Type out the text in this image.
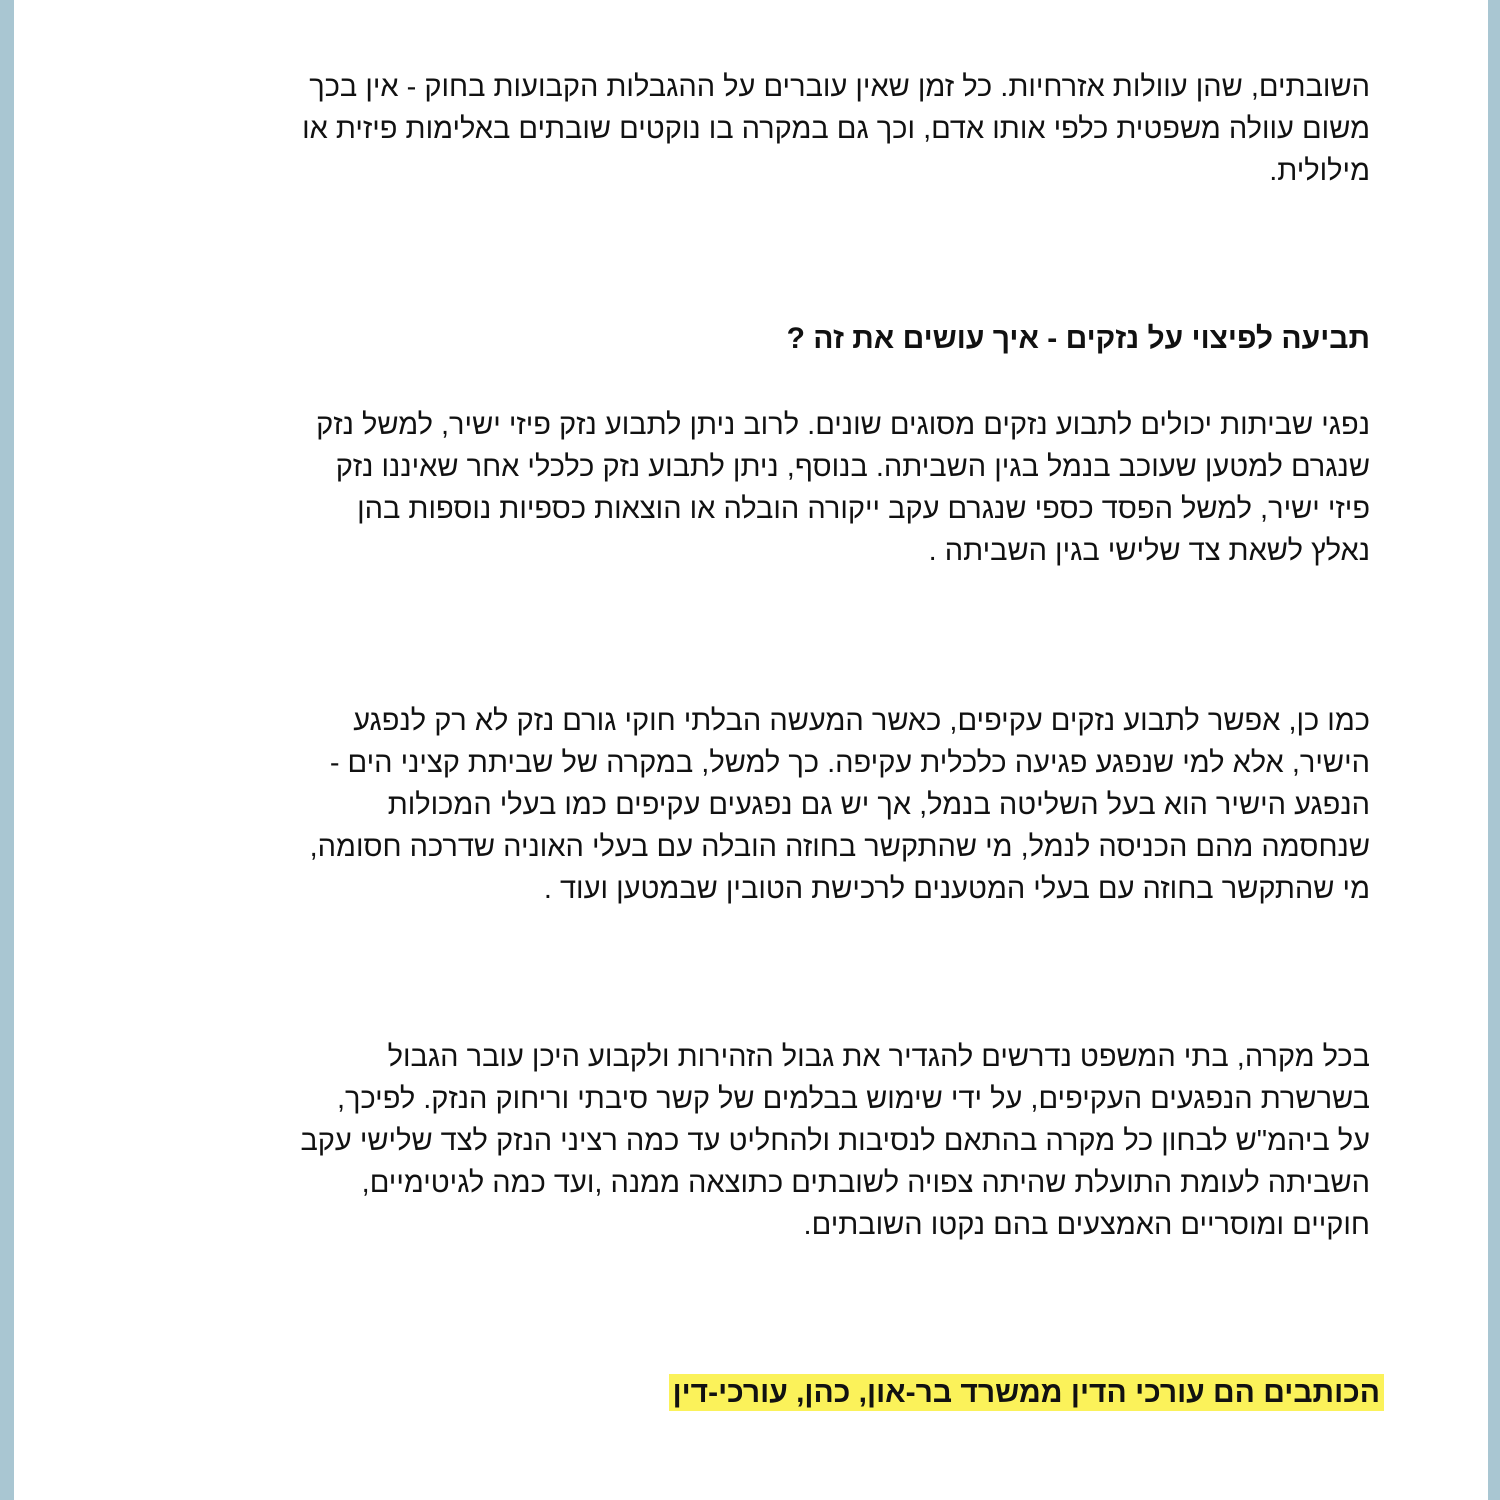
השובתים, שהן עוולות אזרחיות. כל זמן שאין עוברים על ההגבלות הקבועות בחוק - אין בכך
משום עוולה משפטית כלפי אותו אדם, וכך גם במקרה בו נוקטים שובתים באלימות פיזית או
מילולית.

תביעה לפיצוי על נזקים - איך עושים את זה ?

נפגי שביתות יכולים לתבוע נזקים מסוגים שונים. לרוב ניתן לתבוע נזק פיזי ישיר, למשל נזק
שנגרם למטען שעוכב בנמל בגין השביתה. בנוסף, ניתן לתבוע נזק כלכלי אחר שאיננו נזק
פיזי ישיר, למשל הפסד כספי שנגרם עקב ייקורה הובלה או הוצאות כספיות נוספות בהן
נאלץ לשאת צד שלישי בגין השביתה .

כמו כן, אפשר לתבוע נזקים עקיפים, כאשר המעשה הבלתי חוקי גורם נזק לא רק לנפגע
הישיר, אלא למי שנפגע פגיעה כלכלית עקיפה. כך למשל, במקרה של שביתת קציני הים -
הנפגע הישיר הוא בעל השליטה בנמל, אך יש גם נפגעים עקיפים כמו בעלי המכולות
שנחסמה מהם הכניסה לנמל, מי שהתקשר בחוזה הובלה עם בעלי האוניה שדרכה חסומה,
מי שהתקשר בחוזה עם בעלי המטענים לרכישת הטובין שבמטען ועוד .

בכל מקרה, בתי המשפט נדרשים להגדיר את גבול הזהירות ולקבוע היכן עובר הגבול
בשרשרת הנפגעים העקיפים, על ידי שימוש בבלמים של קשר סיבתי וריחוק הנזק. לפיכך,
על ביהמ"ש לבחון כל מקרה בהתאם לנסיבות ולהחליט עד כמה רציני הנזק לצד שלישי עקב
השביתה לעומת התועלת שהיתה צפויה לשובתים כתוצאה ממנה ,ועד כמה לגיטימיים,
חוקיים ומוסריים האמצעים בהם נקטו השובתים.

הכותבים הם עורכי הדין ממשרד בר-און, כהן, עורכי-דין
